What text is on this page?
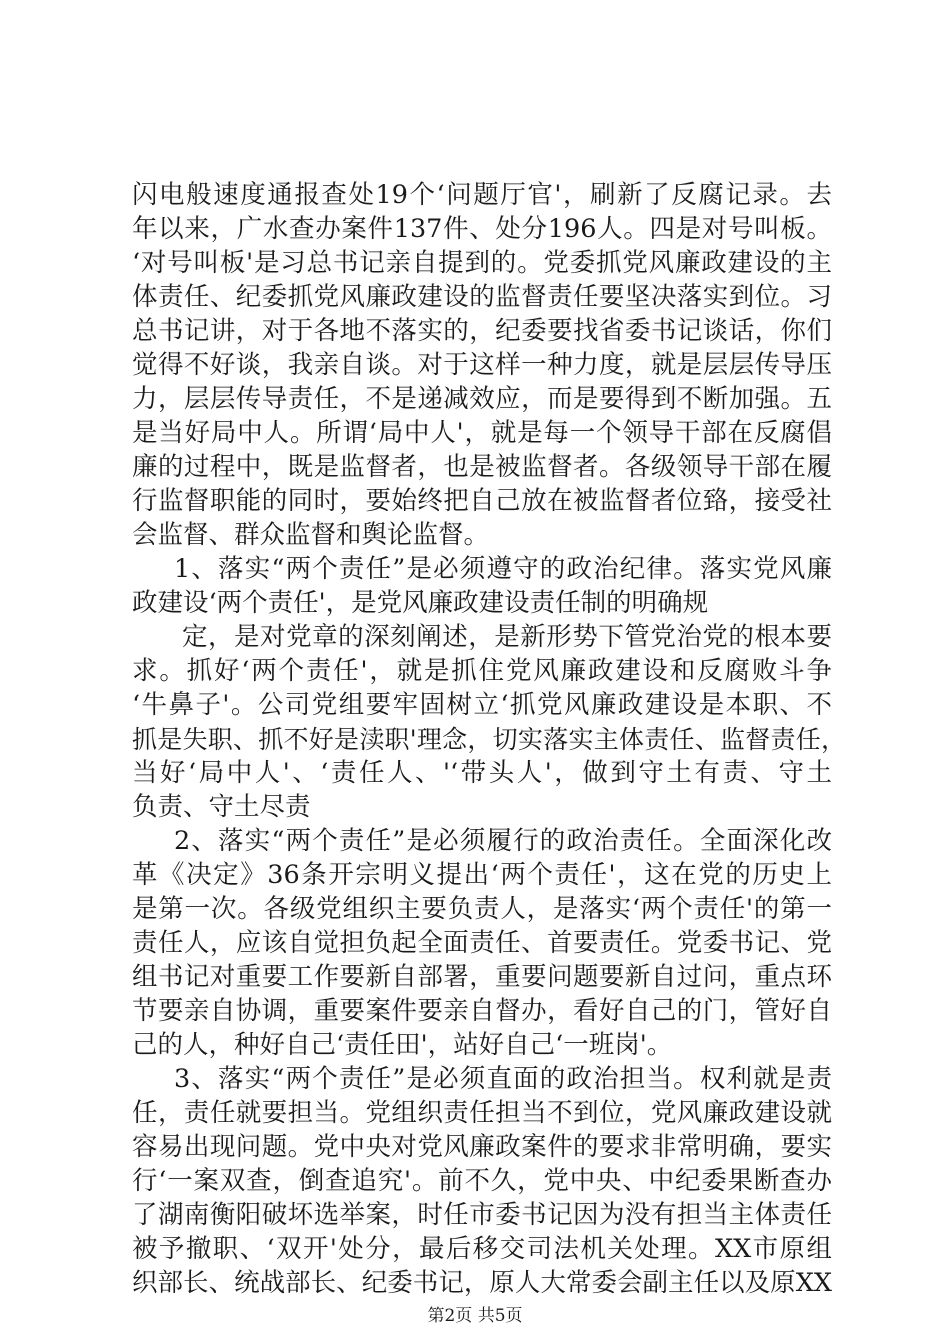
闪电般速度通报查处19个‘问题厅官'，刷新了反腐记录。去
年以来，广水查办案件137件、处分196人。四是对号叫板。
‘对号叫板'是习总书记亲自提到的。党委抓党风廉政建设的主
体责任、纪委抓党风廉政建设的监督责任要坚决落实到位。习
总书记讲，对于各地不落实的，纪委要找省委书记谈话，你们
觉得不好谈，我亲自谈。对于这样一种力度，就是层层传导压
力，层层传导责任，不是递减效应，而是要得到不断加强。五
是当好局中人。所谓‘局中人'，就是每一个领导干部在反腐倡
廉的过程中，既是监督者，也是被监督者。各级领导干部在履
行监督职能的同时，要始终把自己放在被监督者位臵，接受社
会监督、群众监督和舆论监督。
1、落实“两个责任”是必须遵守的政治纪律。落实党风廉
政建设‘两个责任'，是党风廉政建设责任制的明确规
定，是对党章的深刻阐述，是新形势下管党治党的根本要
求。抓好‘两个责任'，就是抓住党风廉政建设和反腐败斗争
‘牛鼻子'。公司党组要牢固树立‘抓党风廉政建设是本职、不
抓是失职、抓不好是渎职'理念，切实落实主体责任、监督责任，
当好‘局中人'、‘责任人、'‘带头人'，做到守土有责、守土
负责、守土尽责
2、落实“两个责任”是必须履行的政治责任。全面深化改
革《决定》36条开宗明义提出‘两个责任'，这在党的历史上
是第一次。各级党组织主要负责人，是落实‘两个责任'的第一
责任人，应该自觉担负起全面责任、首要责任。党委书记、党
组书记对重要工作要新自部署，重要问题要新自过问，重点环
节要亲自协调，重要案件要亲自督办，看好自己的门，管好自
己的人，种好自己‘责任田'，站好自己‘一班岗'。
3、落实“两个责任”是必须直面的政治担当。权利就是责
任，责任就要担当。党组织责任担当不到位，党风廉政建设就
容易出现问题。党中央对党风廉政案件的要求非常明确，要实
行‘一案双查，倒查追究'。前不久，党中央、中纪委果断查办
了湖南衡阳破坏选举案，时任市委书记因为没有担当主体责任
被予撤职、‘双开'处分，最后移交司法机关处理。XX市原组
织部长、统战部长、纪委书记，原人大常委会副主任以及原XX
第2页 共5页
